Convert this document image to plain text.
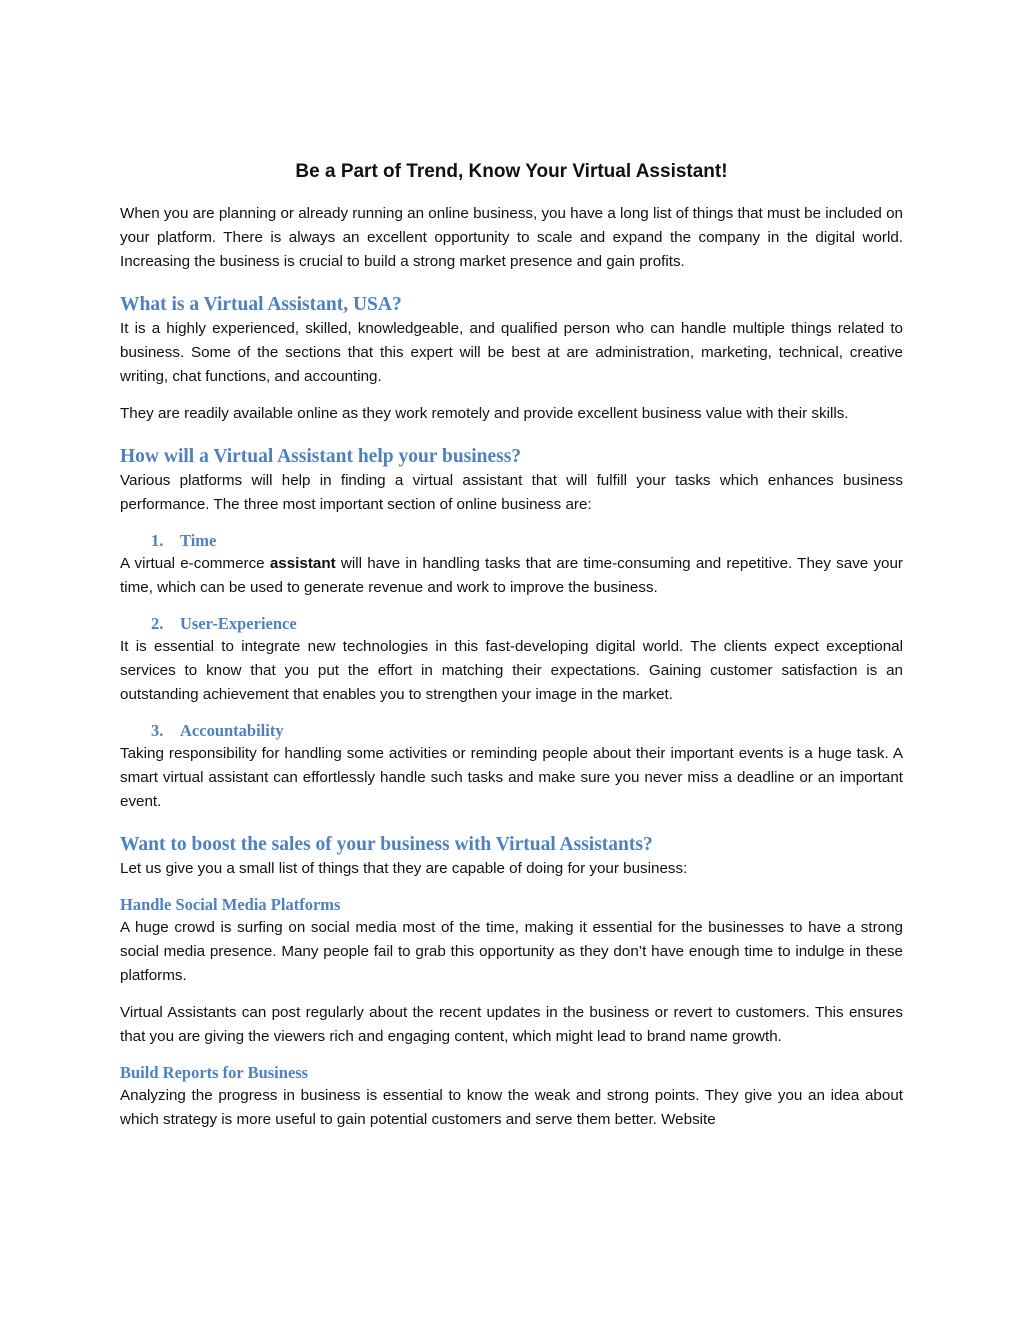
Be a Part of Trend, Know Your Virtual Assistant!

When you are planning or already running an online business, you have a long list of things that must be included on your platform. There is always an excellent opportunity to scale and expand the company in the digital world. Increasing the business is crucial to build a strong market presence and gain profits.

What is a Virtual Assistant, USA?

It is a highly experienced, skilled, knowledgeable, and qualified person who can handle multiple things related to business. Some of the sections that this expert will be best at are administration, marketing, technical, creative writing, chat functions, and accounting.

They are readily available online as they work remotely and provide excellent business value with their skills.

How will a Virtual Assistant help your business?

Various platforms will help in finding a virtual assistant that will fulfill your tasks which enhances business performance. The three most important section of online business are:

1. Time

A virtual e-commerce assistant will have in handling tasks that are time-consuming and repetitive. They save your time, which can be used to generate revenue and work to improve the business.

2. User-Experience

It is essential to integrate new technologies in this fast-developing digital world. The clients expect exceptional services to know that you put the effort in matching their expectations. Gaining customer satisfaction is an outstanding achievement that enables you to strengthen your image in the market.

3. Accountability

Taking responsibility for handling some activities or reminding people about their important events is a huge task. A smart virtual assistant can effortlessly handle such tasks and make sure you never miss a deadline or an important event.

Want to boost the sales of your business with Virtual Assistants?

Let us give you a small list of things that they are capable of doing for your business:

Handle Social Media Platforms

A huge crowd is surfing on social media most of the time, making it essential for the businesses to have a strong social media presence. Many people fail to grab this opportunity as they don’t have enough time to indulge in these platforms.

Virtual Assistants can post regularly about the recent updates in the business or revert to customers. This ensures that you are giving the viewers rich and engaging content, which might lead to brand name growth.

Build Reports for Business

Analyzing the progress in business is essential to know the weak and strong points. They give you an idea about which strategy is more useful to gain potential customers and serve them better. Website
